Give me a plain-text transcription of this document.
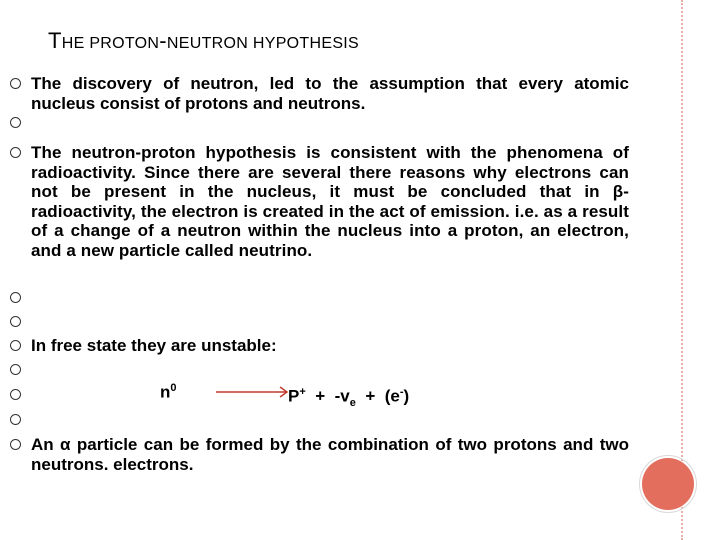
THE PROTON-NEUTRON HYPOTHESIS
The discovery of neutron, led to the assumption that every atomic nucleus consist of protons and neutrons.
The neutron-proton hypothesis is consistent with the phenomena of radioactivity. Since there are several there reasons why electrons can not be present in the nucleus, it must be concluded that in β-radioactivity, the electron is created in the act of emission. i.e. as a result of a change of a neutron within the nucleus into a proton, an electron, and a new particle called neutrino.
In free state they are unstable:
$n^0$	$P^+ + -v_e + (e^-)$
An α particle can be formed by the combination of two protons and two neutrons. electrons.
